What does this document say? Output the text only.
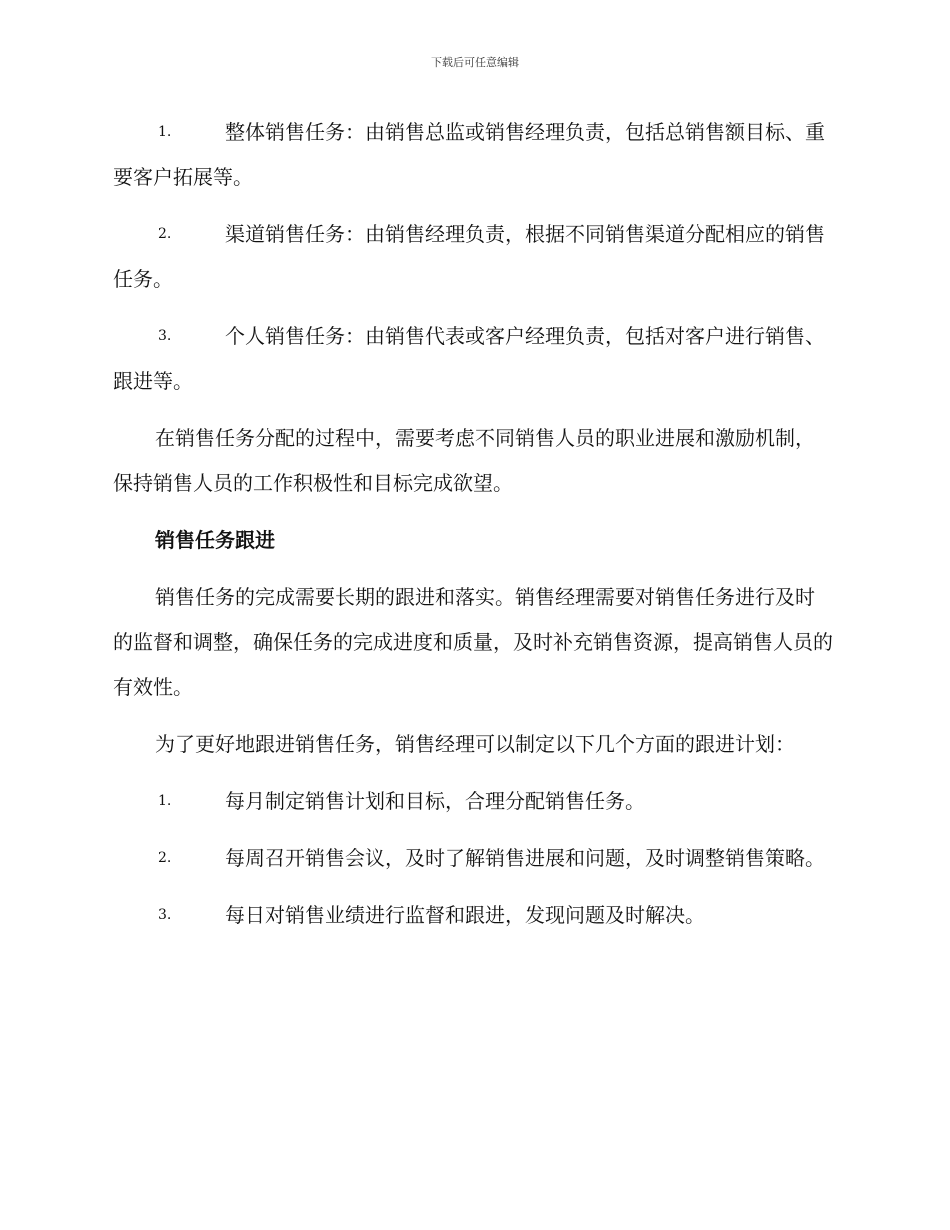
下载后可任意编辑
1.	整体销售任务：由销售总监或销售经理负责，包括总销售额目标、重要客户拓展等。
2.	渠道销售任务：由销售经理负责，根据不同销售渠道分配相应的销售任务。
3.	个人销售任务：由销售代表或客户经理负责，包括对客户进行销售、跟进等。

在销售任务分配的过程中，需要考虑不同销售人员的职业进展和激励机制，保持销售人员的工作积极性和目标完成欲望。

销售任务跟进

销售任务的完成需要长期的跟进和落实。销售经理需要对销售任务进行及时的监督和调整，确保任务的完成进度和质量，及时补充销售资源，提高销售人员的有效性。

为了更好地跟进销售任务，销售经理可以制定以下几个方面的跟进计划：

1.	每月制定销售计划和目标，合理分配销售任务。
2.	每周召开销售会议，及时了解销售进展和问题，及时调整销售策略。
3.	每日对销售业绩进行监督和跟进，发现问题及时解决。
